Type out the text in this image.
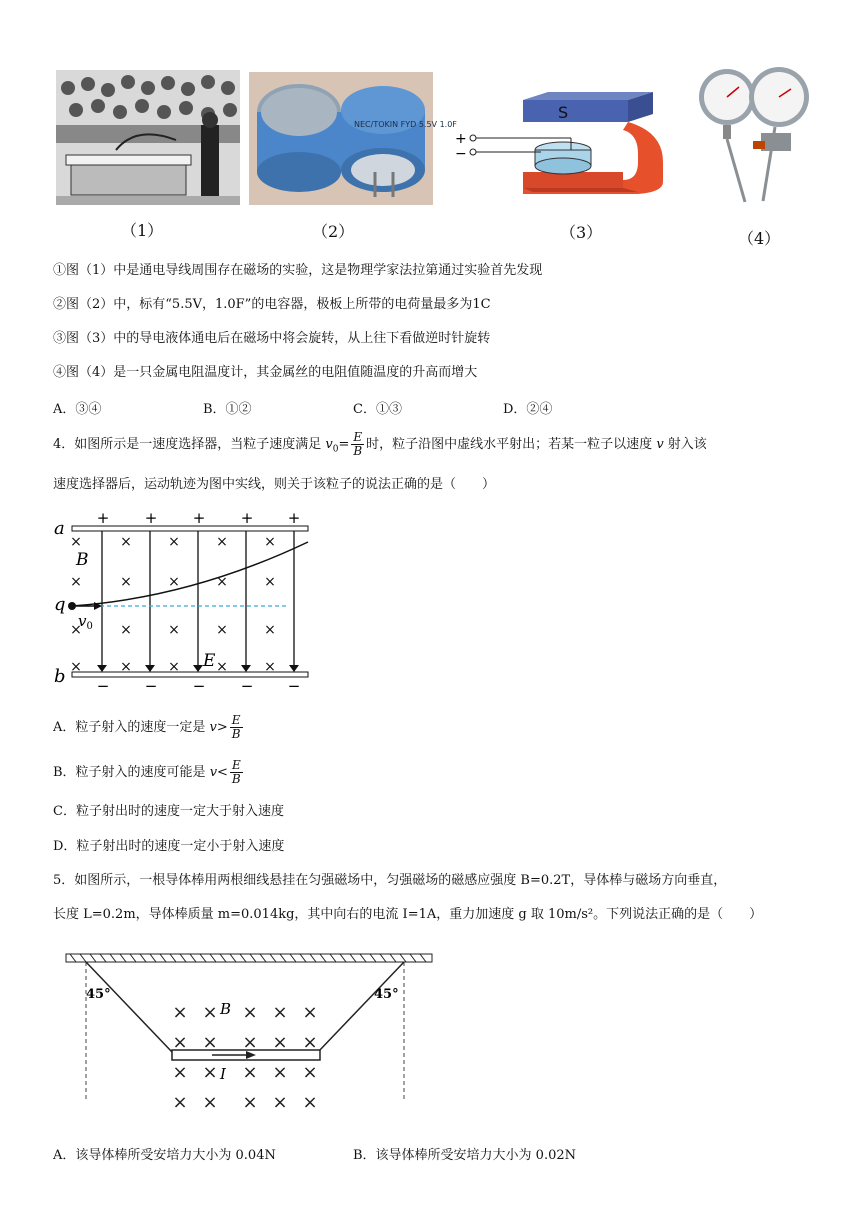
NEC/TOKIN FYD 5.5V 1.0F
S
+
−
（1）	（2）	（3）	（4）
①图（1）中是通电导线周围存在磁场的实验，这是物理学家法拉第通过实验首先发现
②图（2）中，标有“5.5V，1.0F”的电容器，极板上所带的电荷量最多为1C
③图（3）中的导电液体通电后在磁场中将会旋转，从上往下看做逆时针旋转
④图（4）是一只金属电阻温度计，其金属丝的电阻值随温度的升高而增大
A．③④	B．①②	C．①③	D．②④
4．如图所示是一速度选择器，当粒子速度满足 $v_0= \frac{E}{B}$ 时，粒子沿图中虚线水平射出；若某一粒子以速度 v 射入该
速度选择器后，运动轨迹为图中实线，则关于该粒子的说法正确的是（　　）
a
b
q
B
E
$v_0$
+ + + + +
− − − − −
×	×	×	×	×
×	×	×	×	×
×	×	×	×	×
×	×	×	×	×
A．粒子射入的速度一定是 $v> \frac{E}{B}$
B．粒子射入的速度可能是 $v< \frac{E}{B}$
C．粒子射出时的速度一定大于射入速度
D．粒子射出时的速度一定小于射入速度
5．如图所示，一根导体棒用两根细线悬挂在匀强磁场中，匀强磁场的磁感应强度 B=0.2T，导体棒与磁场方向垂直，
长度 L=0.2m，导体棒质量 m=0.014kg，其中向右的电流 I=1A，重力加速度 g 取 10m/s²。下列说法正确的是（　　）
45°	45°
× × × × ×
× × × × ×
× × × × ×
× × × × ×
B
I
A．该导体棒所受安培力大小为 0.04N	B．该导体棒所受安培力大小为 0.02N
